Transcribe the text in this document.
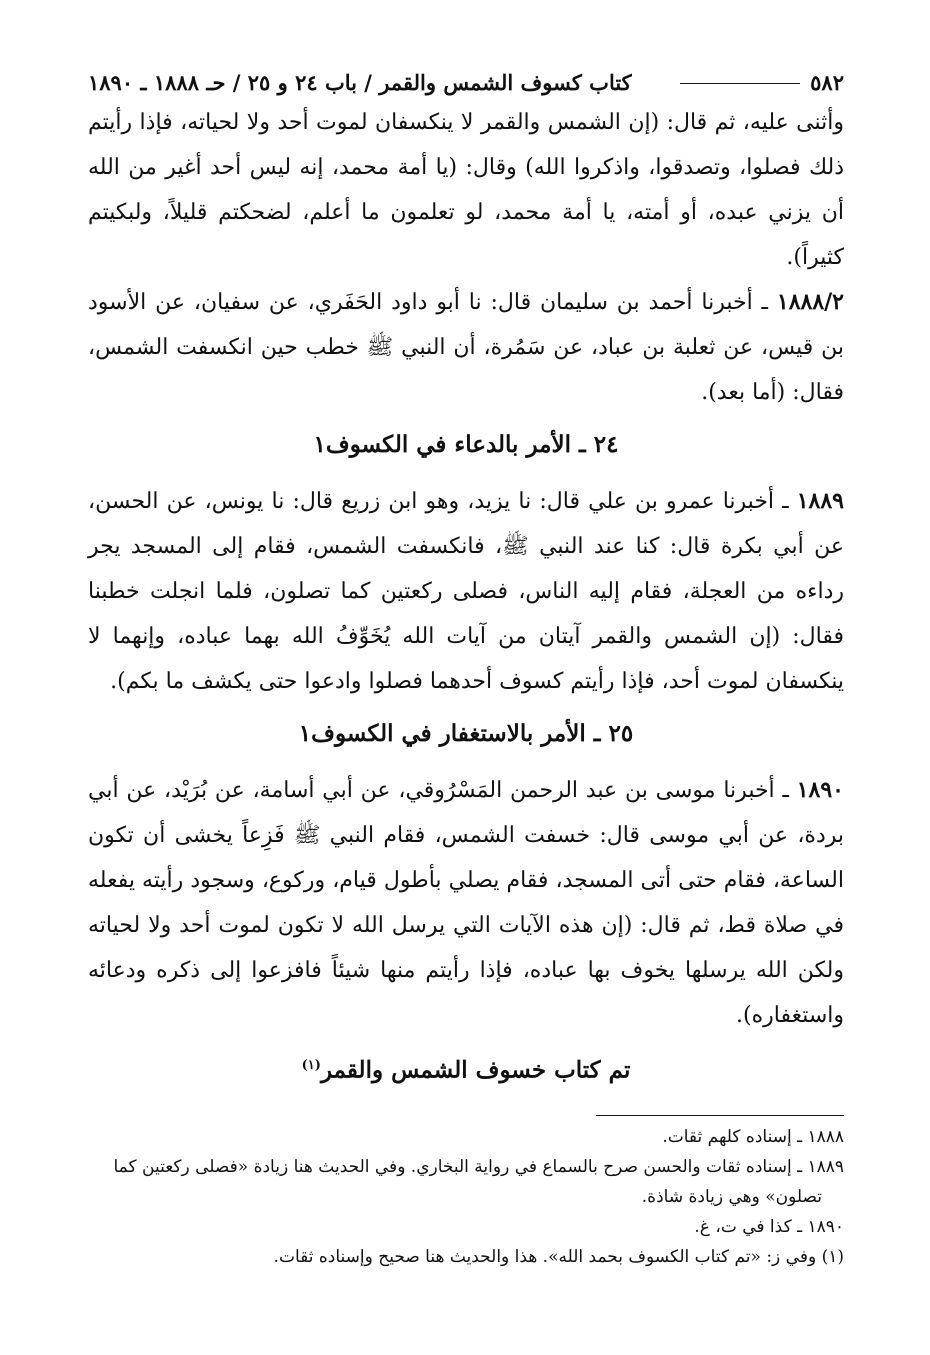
٥٨٢
كتاب كسوف الشمس والقمر / باب ٢٤ و ٢٥ / حـ ١٨٨٨ ـ ١٨٩٠

وأثنى عليه، ثم قال: (إن الشمس والقمر لا ينكسفان لموت أحد ولا لحياته، فإذا رأيتم ذلك فصلوا، وتصدقوا، واذكروا الله) وقال: (يا أمة محمد، إنه ليس أحد أغير من الله أن يزني عبده، أو أمته، يا أمة محمد، لو تعلمون ما أعلم، لضحكتم قليلاً، ولبكيتم كثيراً).

١٨٨٨/٢ ـ أخبرنا أحمد بن سليمان قال: نا أبو داود الحَفَري، عن سفيان، عن الأسود بن قيس، عن ثعلبة بن عباد، عن سَمُرة، أن النبي ﷺ خطب حين انكسفت الشمس، فقال: (أما بعد).

٢٤ ـ الأمر بالدعاء في الكسوف١

١٨٨٩ ـ أخبرنا عمرو بن علي قال: نا يزيد، وهو ابن زريع قال: نا يونس، عن الحسن، عن أبي بكرة قال: كنا عند النبي ﷺ، فانكسفت الشمس، فقام إلى المسجد يجر رداءه من العجلة، فقام إليه الناس، فصلى ركعتين كما تصلون، فلما انجلت خطبنا فقال: (إن الشمس والقمر آيتان من آيات الله يُخَوِّفُ الله بهما عباده، وإنهما لا ينكسفان لموت أحد، فإذا رأيتم كسوف أحدهما فصلوا وادعوا حتى يكشف ما بكم).

٢٥ ـ الأمر بالاستغفار في الكسوف١

١٨٩٠ ـ أخبرنا موسى بن عبد الرحمن المَسْرُوقي، عن أبي أسامة، عن بُرَيْد، عن أبي بردة، عن أبي موسى قال: خسفت الشمس، فقام النبي ﷺ فَزِعاً يخشى أن تكون الساعة، فقام حتى أتى المسجد، فقام يصلي بأطول قيام، وركوع، وسجود رأيته يفعله في صلاة قط، ثم قال: (إن هذه الآيات التي يرسل الله لا تكون لموت أحد ولا لحياته ولكن الله يرسلها يخوف بها عباده، فإذا رأيتم منها شيئاً فافزعوا إلى ذكره ودعائه واستغفاره).

تم كتاب خسوف الشمس والقمر$^{(١)}$

١٨٨٨ ـ إسناده كلهم ثقات.

١٨٨٩ ـ إسناده ثقات والحسن صرح بالسماع في رواية البخاري. وفي الحديث هنا زيادة «فصلى ركعتين كما

تصلون» وهي زيادة شاذة.

١٨٩٠ ـ كذا في ت، غ.

(١) وفي ز: «تم كتاب الكسوف بحمد الله». هذا والحديث هنا صحيح وإسناده ثقات.
